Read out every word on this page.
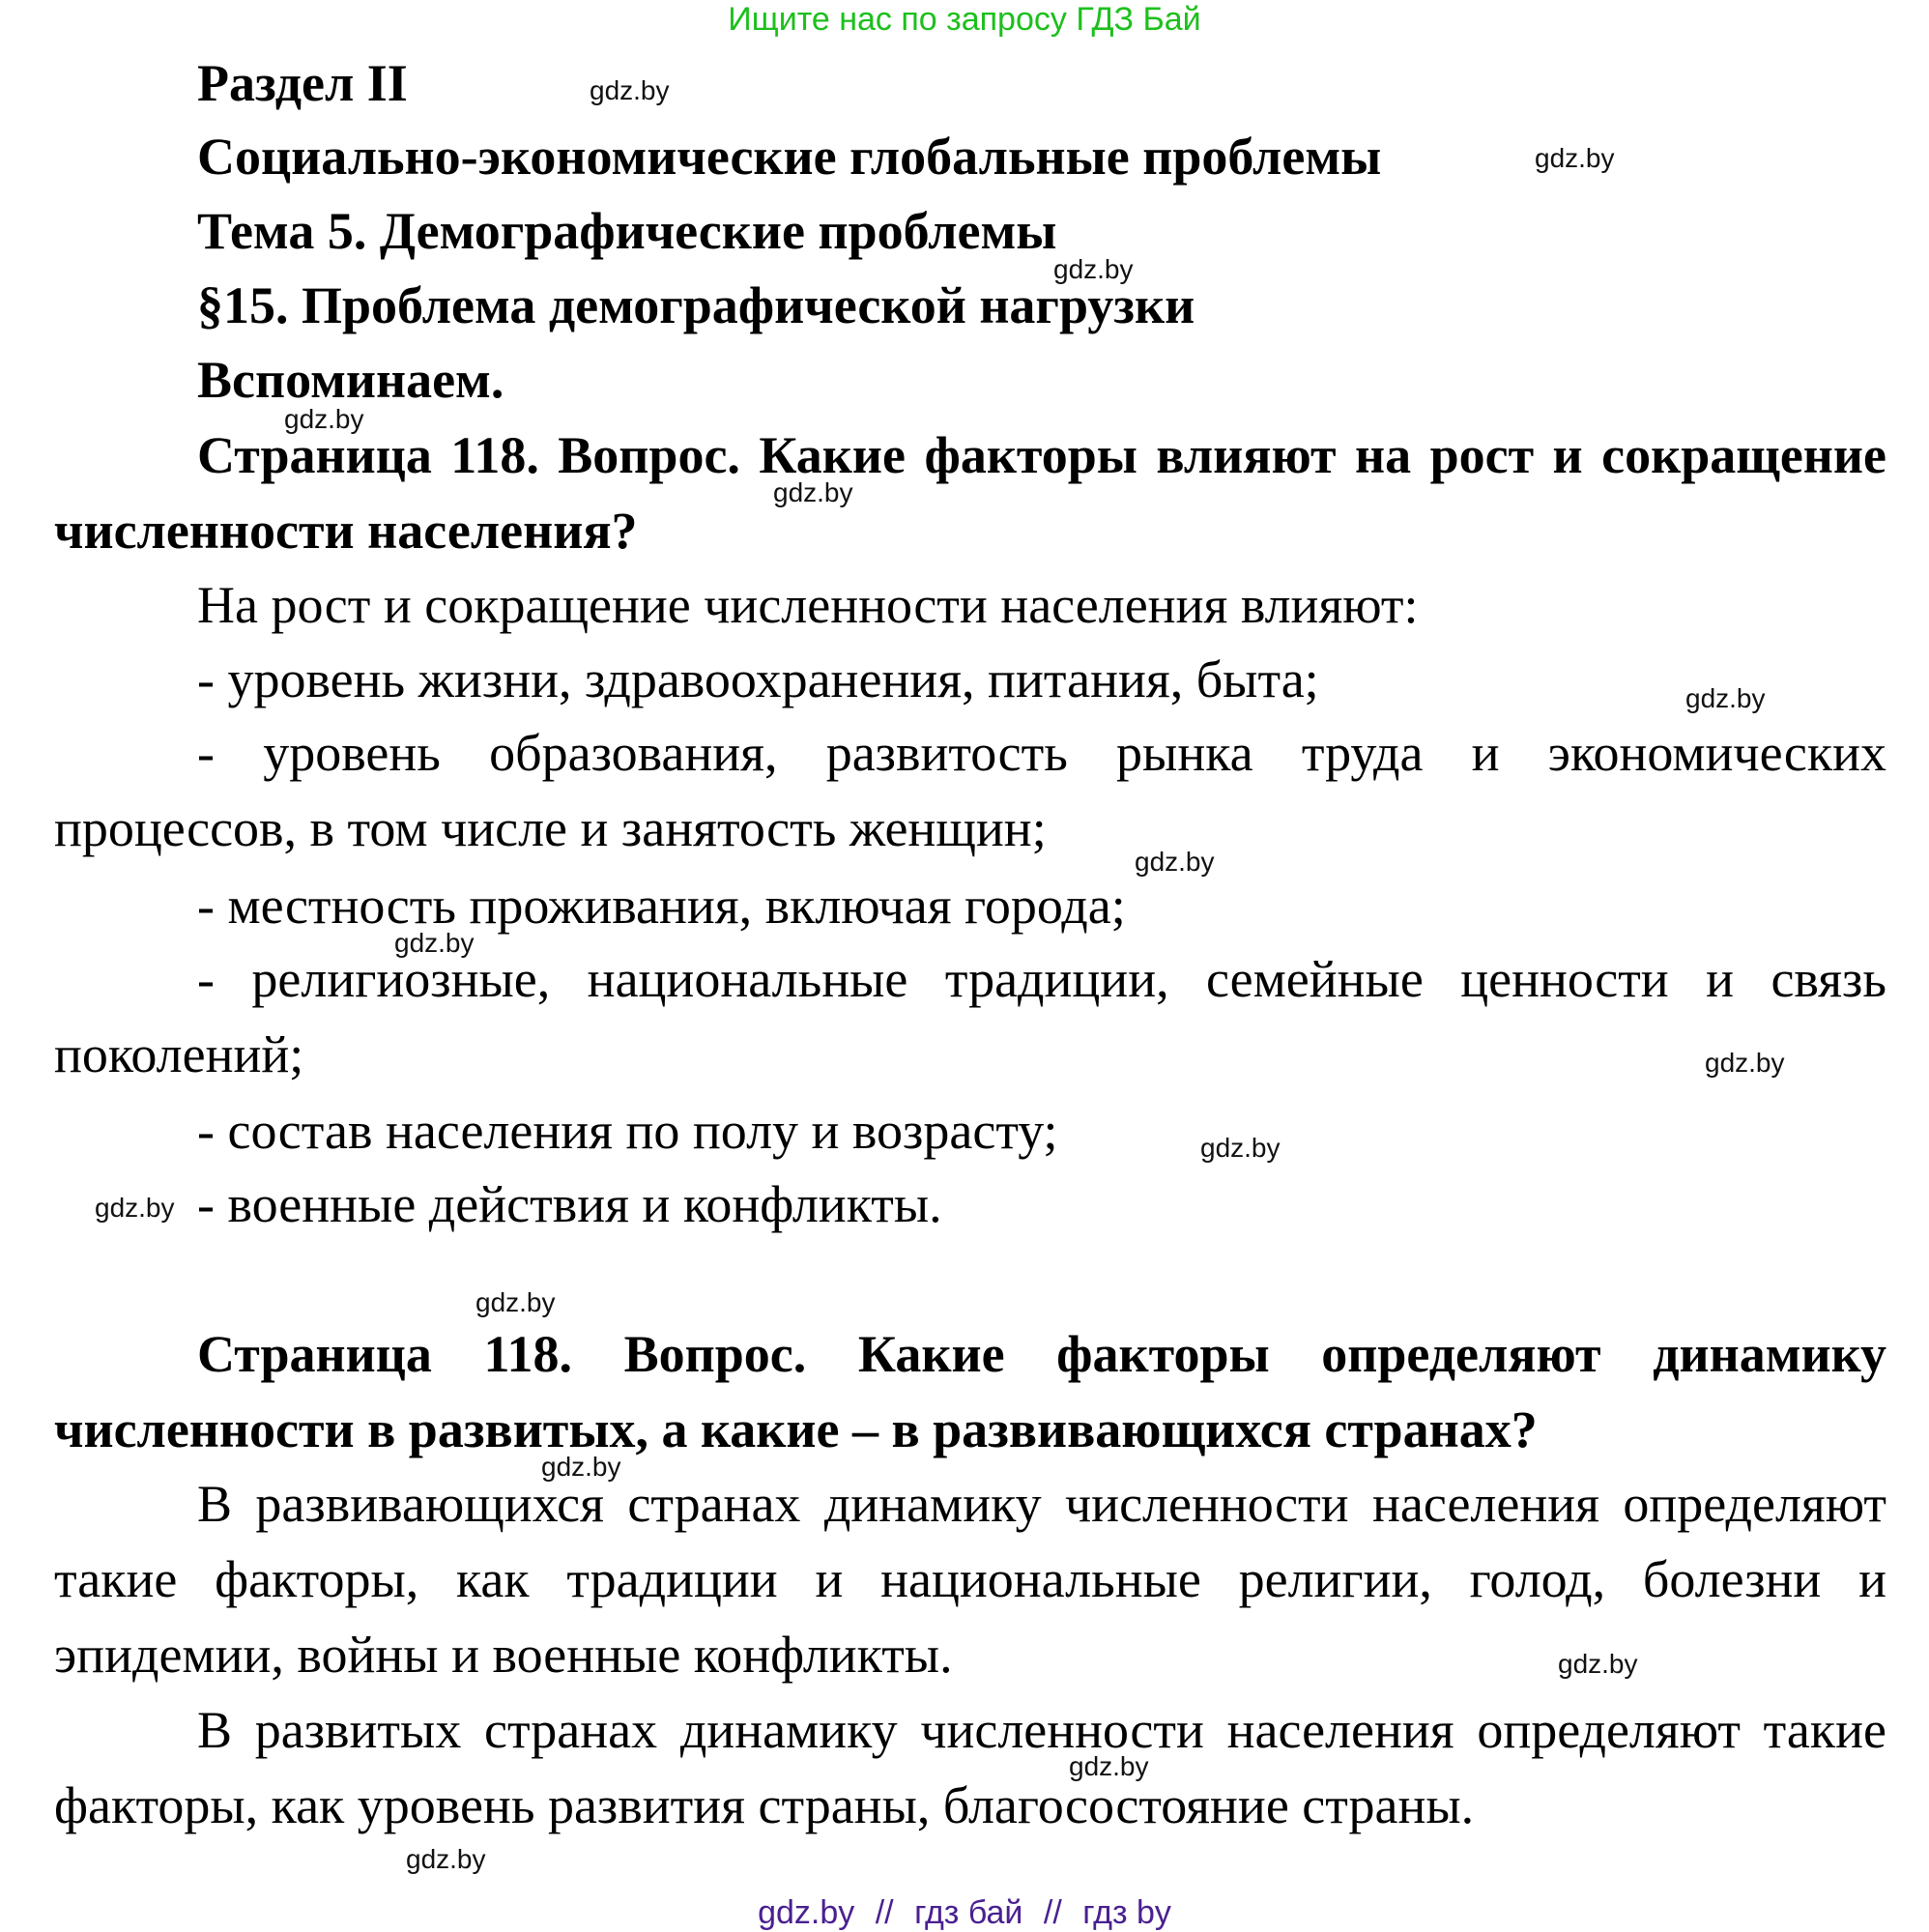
Ищите нас по запросу ГДЗ Бай
Раздел II
Социально-экономические глобальные проблемы
Тема 5. Демографические проблемы
§15. Проблема демографической нагрузки
Вспоминаем.
Страница 118. Вопрос. Какие факторы влияют на рост и сокращение численности населения?
На рост и сокращение численности населения влияют:
- уровень жизни, здравоохранения, питания, быта;
- уровень образования, развитость рынка труда и экономических процессов, в том числе и занятость женщин;
- местность проживания, включая города;
- религиозные, национальные традиции, семейные ценности и связь поколений;
- состав населения по полу и возрасту;
- военные действия и конфликты.
Страница 118. Вопрос. Какие факторы определяют динамику численности в развитых, а какие – в развивающихся странах?
В развивающихся странах динамику численности населения определяют такие факторы, как традиции и национальные религии, голод, болезни и эпидемии, войны и военные конфликты.
В развитых странах динамику численности населения определяют такие факторы, как уровень развития страны, благосостояние страны.
gdz.by
gdz.by
gdz.by
gdz.by
gdz.by
gdz.by
gdz.by
gdz.by
gdz.by
gdz.by
gdz.by
gdz.by
gdz.by
gdz.by
gdz.by
gdz.by
gdz.by // гдз бай // гдз by
